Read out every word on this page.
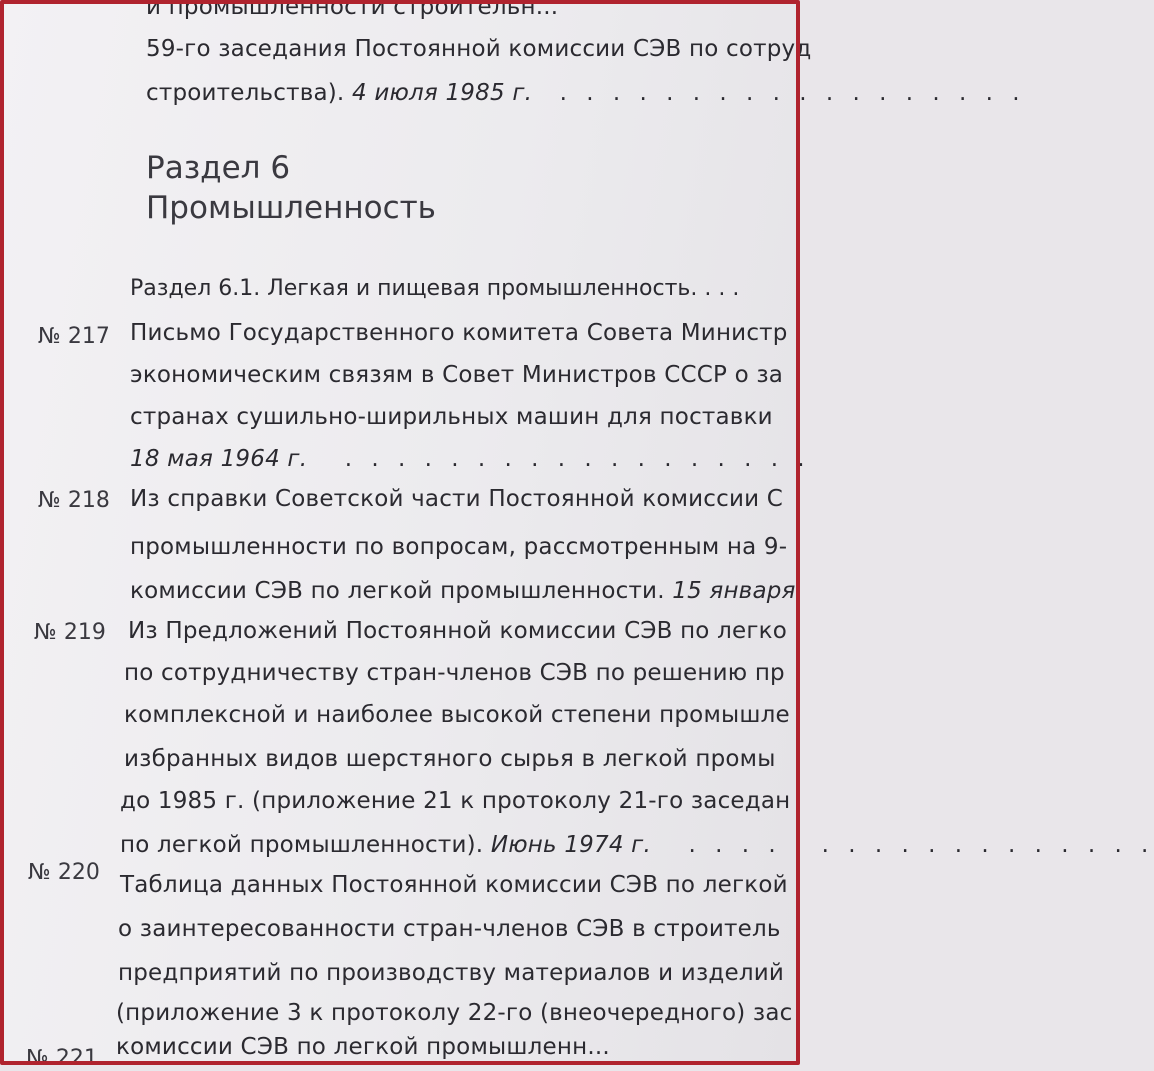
и промышленности строительн...
59-го заседания Постоянной комиссии СЭВ по сотруд
строительства). 4 июля 1985 г. . . . . . . . . . . . . . . . . . .
Раздел 6
Промышленность
Раздел 6.1. Легкая и пищевая промышленность. . . .
№ 217 Письмо Государственного комитета Совета Министр
экономическим связям в Совет Министров СССР о за
странах сушильно-ширильных машин для поставки
18 мая 1964 г. . . . . . . . . . . . . . . . . . .
№ 218 Из справки Советской части Постоянной комиссии С
промышленности по вопросам, рассмотренным на 9-
комиссии СЭВ по легкой промышленности. 15 января
№ 219 Из Предложений Постоянной комиссии СЭВ по легко
по сотрудничеству стран-членов СЭВ по решению пр
комплексной и наиболее высокой степени промышле
избранных видов шерстяного сырья в легкой промы
до 1985 г. (приложение 21 к протоколу 21-го заседан
по легкой промышленности). Июнь 1974 г. . . . . . . . . . . . . . . . . . .
№ 220 Таблица данных Постоянной комиссии СЭВ по легкой
о заинтересованности стран-членов СЭВ в строитель
предприятий по производству материалов и изделий
(приложение 3 к протоколу 22-го (внеочередного) зас
комиссии СЭВ по легкой промышленн...
№ 221
